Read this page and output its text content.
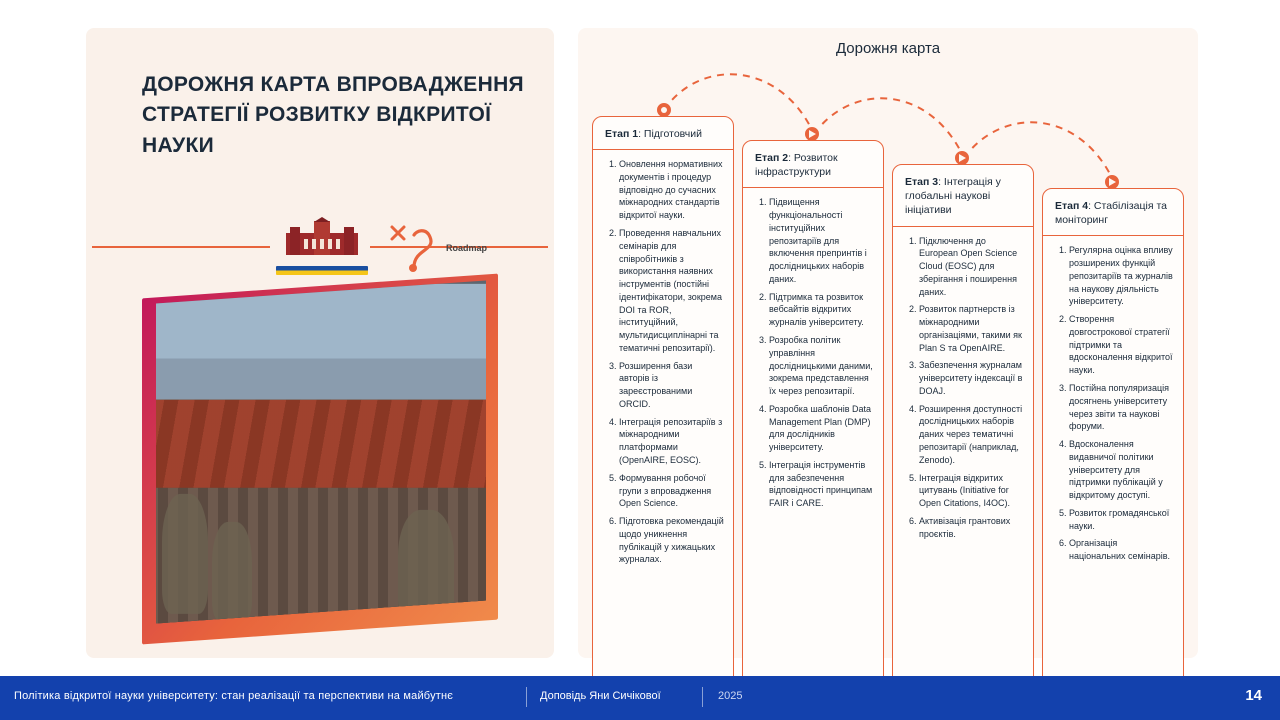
ДОРОЖНЯ КАРТА ВПРОВАДЖЕННЯ СТРАТЕГІЇ РОЗВИТКУ ВІДКРИТОЇ НАУКИ
Roadmap
Дорожня карта
Етап 1: Підготовчий
1. Оновлення нормативних документів і процедур відповідно до сучасних міжнародних стандартів відкритої науки.
2. Проведення навчальних семінарів для співробітників з використання наявних інструментів (постійні ідентифікатори, зокрема DOI та ROR, інституційний, мультидисциплінарні та тематичні репозитарії).
3. Розширення бази авторів із зареєстрованими ORCID.
4. Інтеграція репозитаріїв з міжнародними платформами (OpenAIRE, EOSC).
5. Формування робочої групи з впровадження Open Science.
6. Підготовка рекомендацій щодо уникнення публікацій у хижацьких журналах.
Етап 2: Розвиток інфраструктури
1. Підвищення функціональності інституційних репозитаріїв для включення препринтів і дослідницьких наборів даних.
2. Підтримка та розвиток вебсайтів відкритих журналів університету.
3. Розробка політик управління дослідницькими даними, зокрема представлення їх через репозитарії.
4. Розробка шаблонів Data Management Plan (DMP) для дослідників університету.
5. Інтеграція інструментів для забезпечення відповідності принципам FAIR і CARE.
Етап 3: Інтеграція у глобальні наукові ініціативи
1. Підключення до European Open Science Cloud (EOSC) для зберігання і поширення даних.
2. Розвиток партнерств із міжнародними організаціями, такими як Plan S та OpenAIRE.
3. Забезпечення журналам університету індексації в DOAJ.
4. Розширення доступності дослідницьких наборів даних через тематичні репозитарії (наприклад, Zenodo).
5. Інтеграція відкритих цитувань (Initiative for Open Citations, I4OC).
6. Активізація грантових проєктів.
Етап 4: Стабілізація та моніторинг
1. Регулярна оцінка впливу розширених функцій репозитаріїв та журналів на наукову діяльність університету.
2. Створення довгострокової стратегії підтримки та вдосконалення відкритої науки.
3. Постійна популяризація досягнень університету через звіти та наукові форуми.
4. Вдосконалення видавничої політики університету для підтримки публікацій у відкритому доступі.
5. Розвиток громадянської науки.
6. Організація національних семінарів.
Політика відкритої науки університету: стан реалізації та перспективи на майбутнє	Доповідь Яни Сичікової	2025	14
